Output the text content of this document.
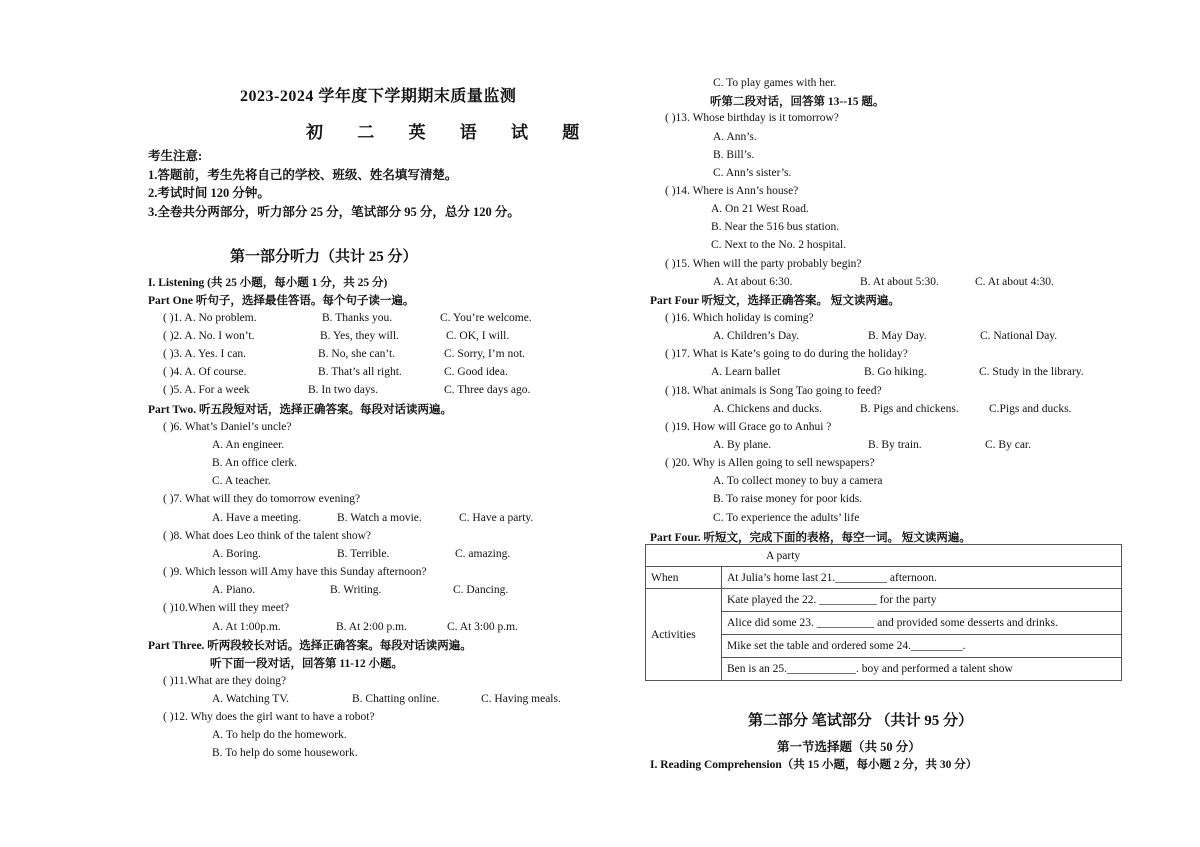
2023-2024 学年度下学期期末质量监测
初 二 英 语 试 题
考生注意:
1.答题前，考生先将自己的学校、班级、姓名填写清楚。
2.考试时间 120 分钟。
3.全卷共分两部分，听力部分 25 分，笔试部分 95 分，总分 120 分。
第一部分听力（共计 25 分）
I. Listening (共 25 小题，每小题 1 分，共 25 分)
Part One 听句子，选择最佳答语。每个句子读一遍。
( )1. A. No problem.	B. Thanks you.	C. You’re welcome.
( )2. A. No. I won’t.	B. Yes, they will.	C. OK, I will.
( )3. A. Yes. I can.	B. No, she can’t.	C. Sorry, I’m not.
( )4. A. Of course.	B. That’s all right.	C. Good idea.
( )5. A. For a week	B. In two days.	C. Three days ago.
Part Two. 听五段短对话，选择正确答案。每段对话读两遍。
( )6. What’s Daniel’s uncle?
A. An engineer.
B. An office clerk.
C. A teacher.
( )7. What will they do tomorrow evening?
A. Have a meeting.	B. Watch a movie.	C. Have a party.
( )8. What does Leo think of the talent show?
A. Boring.	B. Terrible.	C. amazing.
( )9. Which lesson will Amy have this Sunday afternoon?
A. Piano.	B. Writing.	C. Dancing.
( )10.When will they meet?
A. At 1:00p.m.	B. At 2:00 p.m.	C. At 3:00 p.m.
Part Three. 听两段较长对话。选择正确答案。每段对话读两遍。
听下面一段对话，回答第 11-12 小题。
( )11.What are they doing?
A. Watching TV.	B. Chatting online.	C. Having meals.
( )12. Why does the girl want to have a robot?
A. To help do the homework.
B. To help do some housework.
C. To play games with her.
听第二段对话，回答第 13--15 题。
( )13. Whose birthday is it tomorrow?
A. Ann’s.
B. Bill’s.
C. Ann’s sister’s.
( )14. Where is Ann’s house?
A. On 21 West Road.
B. Near the 516 bus station.
C. Next to the No. 2 hospital.
( )15. When will the party probably begin?
A. At about 6:30.	B. At about 5:30.	C. At about 4:30.
Part Four 听短文，选择正确答案。 短文读两遍。
( )16. Which holiday is coming?
A. Children’s Day.	B. May Day.	C. National Day.
( )17. What is Kate’s going to do during the holiday?
A. Learn ballet	B. Go hiking.	C. Study in the library.
( )18. What animals is Song Tao going to feed?
A. Chickens and ducks.	B. Pigs and chickens.	C.Pigs and ducks.
( )19. How will Grace go to Anhui ?
A. By plane.	B. By train.	C. By car.
( )20. Why is Allen going to sell newspapers?
A. To collect money to buy a camera
B. To raise money for poor kids.
C. To experience the adults’ life
Part Four. 听短文，完成下面的表格，每空一词。 短文读两遍。
A party	
When	At Julia’s home last 21._________ afternoon.
Activities	Kate played the 22. __________ for the party
	Alice did some 23. __________ and provided some desserts and drinks.
	Mike set the table and ordered some 24._________.
	Ben is an 25.____________. boy and performed a talent show
第二部分 笔试部分 （共计 95 分）
第一节选择题（共 50 分）
I. Reading Comprehension（共 15 小题，每小题 2 分，共 30 分）
